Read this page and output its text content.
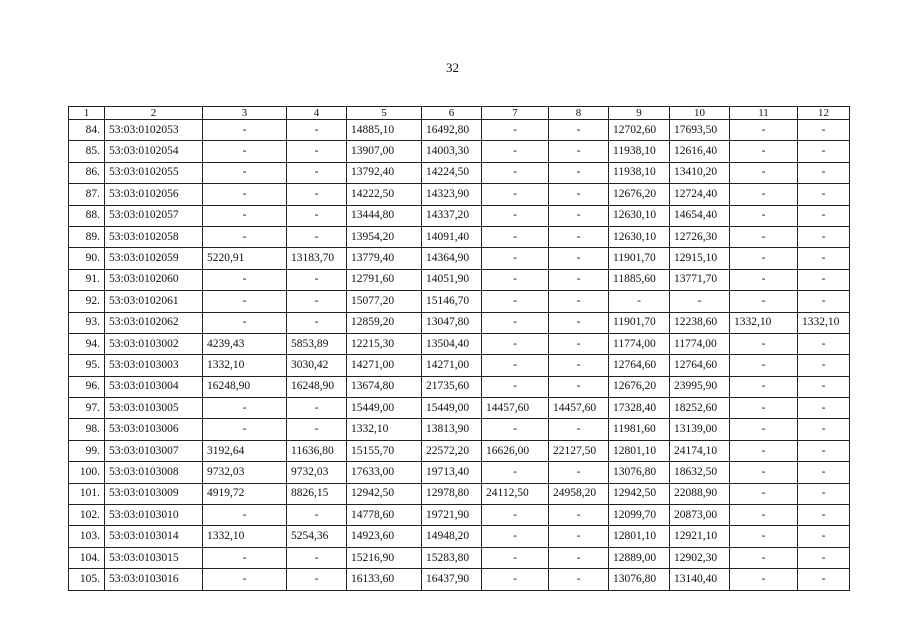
32
1	2	3	4	5	6	7	8	9	10	11	12
84.	53:03:0102053	-	-	14885,10	16492,80	-	-	12702,60	17693,50	-	-
85.	53:03:0102054	-	-	13907,00	14003,30	-	-	11938,10	12616,40	-	-
86.	53:03:0102055	-	-	13792,40	14224,50	-	-	11938,10	13410,20	-	-
87.	53:03:0102056	-	-	14222,50	14323,90	-	-	12676,20	12724,40	-	-
88.	53:03:0102057	-	-	13444,80	14337,20	-	-	12630,10	14654,40	-	-
89.	53:03:0102058	-	-	13954,20	14091,40	-	-	12630,10	12726,30	-	-
90.	53:03:0102059	5220,91	13183,70	13779,40	14364,90	-	-	11901,70	12915,10	-	-
91.	53:03:0102060	-	-	12791,60	14051,90	-	-	11885,60	13771,70	-	-
92.	53:03:0102061	-	-	15077,20	15146,70	-	-	-	-	-	-
93.	53:03:0102062	-	-	12859,20	13047,80	-	-	11901,70	12238,60	1332,10	1332,10
94.	53:03:0103002	4239,43	5853,89	12215,30	13504,40	-	-	11774,00	11774,00	-	-
95.	53:03:0103003	1332,10	3030,42	14271,00	14271,00	-	-	12764,60	12764,60	-	-
96.	53:03:0103004	16248,90	16248,90	13674,80	21735,60	-	-	12676,20	23995,90	-	-
97.	53:03:0103005	-	-	15449,00	15449,00	14457,60	14457,60	17328,40	18252,60	-	-
98.	53:03:0103006	-	-	1332,10	13813,90	-	-	11981,60	13139,00	-	-
99.	53:03:0103007	3192,64	11636,80	15155,70	22572,20	16626,00	22127,50	12801,10	24174,10	-	-
100.	53:03:0103008	9732,03	9732,03	17633,00	19713,40	-	-	13076,80	18632,50	-	-
101.	53:03:0103009	4919,72	8826,15	12942,50	12978,80	24112,50	24958,20	12942,50	22088,90	-	-
102.	53:03:0103010	-	-	14778,60	19721,90	-	-	12099,70	20873,00	-	-
103.	53:03:0103014	1332,10	5254,36	14923,60	14948,20	-	-	12801,10	12921,10	-	-
104.	53:03:0103015	-	-	15216,90	15283,80	-	-	12889,00	12902,30	-	-
105.	53:03:0103016	-	-	16133,60	16437,90	-	-	13076,80	13140,40	-	-
